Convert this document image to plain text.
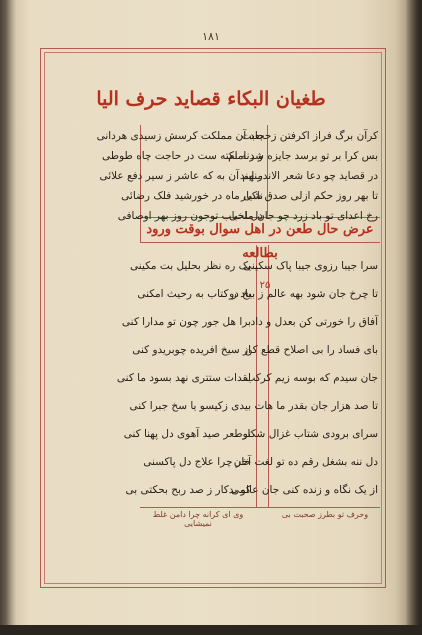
۱۸۱
طغیان البکاء قصاید حرف الیا
بعد آن مملکت کرسش زسیدی هردانی
و رنه نکته ست در حاجت چاه طوطی
منهم آن به که عاشر ز سیر دفع علائی
ناکی ماه در خورشید فلک رضائی
دل احباب توجون روز بهر اوصافی
کرآن برگ فراز اکرفتن زحجابت
بس کرا بر تو برسد جایزه شد امام
در قصاید چو دعا شعر الاندر ایند
تا بهر روز حکم ازلی صدق شیار
رخ اعدای تو باد زرد چو جان ملخی
عرض حال طعن در اهل سوال بوقت ورود بطالعه
۲۵
یک ره نظر بحلیل بت مکینی
باد ر کتاب به رحیث امکنی
برا هل جور چون تو مدارا کنی
از سیخ افریده چوبریدو کنی
لقدات ستتری نهد بسود ما کنی
بیدی زکیسو یا سخ جبرا کنی
توطعر صید آهوی دل پهنا کنی
آخر چرا علاج دل پاکسنی
کو بدکار ز صد ربح بحکتی بی
سرا جیبا رزوی جیبا پاک سکینی
تا چرخ جان شود بهه عالم ز بیخ دو
آفاق را خورتی کن بعدل و داد
بای فساد را بی اصلاح قطع کن
جان سیدم که بوسه زیم کرکب
تا صد هزار جان بقدر ما هات
سرای برودی شتاب غزال شکار
دل ننه بشغل رقم ده تو لغت خان
از یک نگاه و زنده کنی جان عالمی
وی ای کرانه چرا دامن غلط نمیشایی
وحرف تو بطرز صحبت بی
